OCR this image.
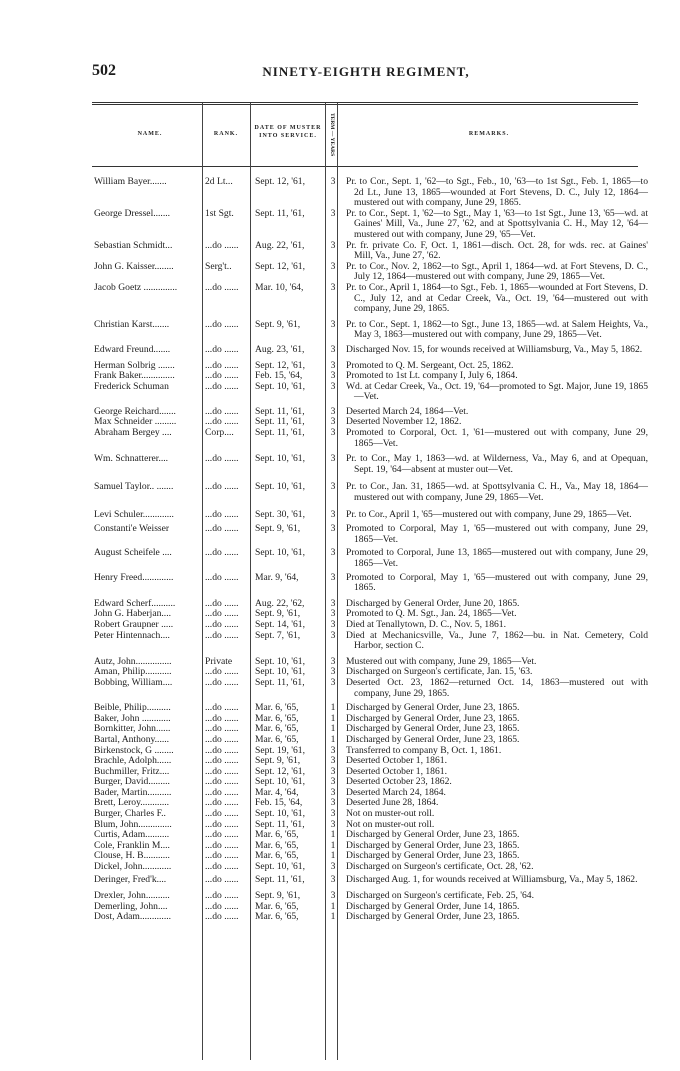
502	NINETY-EIGHTH REGIMENT,
NAME.	RANK.
DATE OF MUSTER
INTO SERVICE.	TERM — YEARS	REMARKS.
William Bayer.......	2d Lt...	Sept. 12, '61,	3 Pr. to Cor., Sept. 1, '62—to Sgt., Feb., 10, '63—to 1st Sgt., Feb. 1, 1865—to 2d Lt., June 13, 1865—wounded at Fort Stevens, D. C., July 12, 1864—mustered out with company, June 29, 1865.
George Dressel.......	1st Sgt.	Sept. 11, '61,	3 Pr. to Cor., Sept. 1, '62—to Sgt., May 1, '63—to 1st Sgt., June 13, '65—wd. at Gaines' Mill, Va., June 27, '62, and at Spottsylvania C. H., May 12, '64—mustered out with company, June 29, '65—Vet.
Sebastian Schmidt...	...do ......	Aug. 22, '61,	3 Pr. fr. private Co. F, Oct. 1, 1861—disch. Oct. 28, for wds. rec. at Gaines' Mill, Va., June 27, '62.
John G. Kaisser........	Serg't..	Sept. 12, '61,	3 Pr. to Cor., Nov. 2, 1862—to Sgt., April 1, 1864—wd. at Fort Stevens, D. C., July 12, 1864—mustered out with company, June 29, 1865—Vet.
Jacob Goetz ..............	...do ......	Mar. 10, '64,	3 Pr. to Cor., April 1, 1864—to Sgt., Feb. 1, 1865—wounded at Fort Stevens, D. C., July 12, and at Cedar Creek, Va., Oct. 19, '64—mustered out with company, June 29, 1865.
Christian Karst.......	...do ......	Sept. 9, '61,	3 Pr. to Cor., Sept. 1, 1862—to Sgt., June 13, 1865—wd. at Salem Heights, Va., May 3, 1863—mustered out with company, June 29, 1865—Vet.
Edward Freund.......	...do ......	Aug. 23, '61,	3 Discharged Nov. 15, for wounds received at Williamsburg, Va., May 5, 1862.
Herman Solbrig .......	...do ......	Sept. 12, '61,	3 Promoted to Q. M. Sergeant, Oct. 25, 1862.
Frank Baker..............	...do ......	Feb. 15, '64,	3 Promoted to 1st Lt. company I, July 6, 1864.
Frederick Schuman	...do ......	Sept. 10, '61,	3 Wd. at Cedar Creek, Va., Oct. 19, '64—promoted to Sgt. Major, June 19, 1865—Vet.
George Reichard.......	...do ......	Sept. 11, '61,	3 Deserted March 24, 1864—Vet.
Max Schneider .........	...do ......	Sept. 11, '61,	3 Deserted November 12, 1862.
Abraham Bergey ....	Corp....	Sept. 11, '61,	3 Promoted to Corporal, Oct. 1, '61—mustered out with company, June 29, 1865—Vet.
Wm. Schnatterer....	...do ......	Sept. 10, '61,	3 Pr. to Cor., May 1, 1863—wd. at Wilderness, Va., May 6, and at Opequan, Sept. 19, '64—absent at muster out—Vet.
Samuel Taylor.. .......	...do ......	Sept. 10, '61,	3 Pr. to Cor., Jan. 31, 1865—wd. at Spottsylvania C. H., Va., May 18, 1864—mustered out with company, June 29, 1865—Vet.
Levi Schuler.............	...do ......	Sept. 30, '61,	3 Pr. to Cor., April 1, '65—mustered out with company, June 29, 1865—Vet.
Constanti'e Weisser	...do ......	Sept. 9, '61,	3 Promoted to Corporal, May 1, '65—mustered out with company, June 29, 1865—Vet.
August Scheifele ....	...do ......	Sept. 10, '61,	3 Promoted to Corporal, June 13, 1865—mustered out with company, June 29, 1865—Vet.
Henry Freed.............	...do ......	Mar. 9, '64,	3 Promoted to Corporal, May 1, '65—mustered out with company, June 29, 1865.
Edward Scherf..........	...do ......	Aug. 22, '62,	3 Discharged by General Order, June 20, 1865.
John G. Haberjan....	...do ......	Sept. 9, '61,	3 Promoted to Q. M. Sgt., Jan. 24, 1865—Vet.
Robert Graupner .....	...do ......	Sept. 14, '61,	3 Died at Tenallytown, D. C., Nov. 5, 1861.
Peter Hintennach....	...do ......	Sept. 7, '61,	3 Died at Mechanicsville, Va., June 7, 1862—bu. in Nat. Cemetery, Cold Harbor, section C.
Autz, John...............	Private	Sept. 10, '61,	3 Mustered out with company, June 29, 1865—Vet.
Aman, Philip...........	...do ......	Sept. 10, '61,	3 Discharged on Surgeon's certificate, Jan. 15, '63.
Bobbing, William....	...do ......	Sept. 11, '61,	3 Deserted Oct. 23, 1862—returned Oct. 14, 1863—mustered out with company, June 29, 1865.
Beible, Philip..........	...do ......	Mar. 6, '65,	1 Discharged by General Order, June 23, 1865.
Baker, John ............	...do ......	Mar. 6, '65,	1 Discharged by General Order, June 23, 1865.
Bornkitter, John......	...do ......	Mar. 6, '65,	1 Discharged by General Order, June 23, 1865.
Bartal, Anthony......	...do ......	Mar. 6, '65,	1 Discharged by General Order, June 23, 1865.
Birkenstock, G ........	...do ......	Sept. 19, '61,	3 Transferred to company B, Oct. 1, 1861.
Brachle, Adolph......	...do ......	Sept. 9, '61,	3 Deserted October 1, 1861.
Buchmiller, Fritz....	...do ......	Sept. 12, '61,	3 Deserted October 1, 1861.
Burger, David.........	...do ......	Sept. 10, '61,	3 Deserted October 23, 1862.
Bader, Martin..........	...do ......	Mar. 4, '64,	3 Deserted March 24, 1864.
Brett, Leroy............	...do ......	Feb. 15, '64,	3 Deserted June 28, 1864.
Burger, Charles F..	...do ......	Sept. 10, '61,	3 Not on muster-out roll.
Blum, John..............	...do ......	Sept. 11, '61,	3 Not on muster-out roll.
Curtis, Adam..........	...do ......	Mar. 6, '65,	1 Discharged by General Order, June 23, 1865.
Cole, Franklin M....	...do ......	Mar. 6, '65,	1 Discharged by General Order, June 23, 1865.
Clouse, H. B...........	...do ......	Mar. 6, '65,	1 Discharged by General Order, June 23, 1865.
Dickel, John............	...do ......	Sept. 10, '61,	3 Discharged on Surgeon's certificate, Oct. 28, '62.
Deringer, Fred'k....	...do ......	Sept. 11, '61,	3 Discharged Aug. 1, for wounds received at Williamsburg, Va., May 5, 1862.
Drexler, John..........	...do ......	Sept. 9, '61,	3 Discharged on Surgeon's certificate, Feb. 25, '64.
Demerling, John....	...do ......	Mar. 6, '65,	1 Discharged by General Order, June 14, 1865.
Dost, Adam.............	...do ......	Mar. 6, '65,	1 Discharged by General Order, June 23, 1865.
